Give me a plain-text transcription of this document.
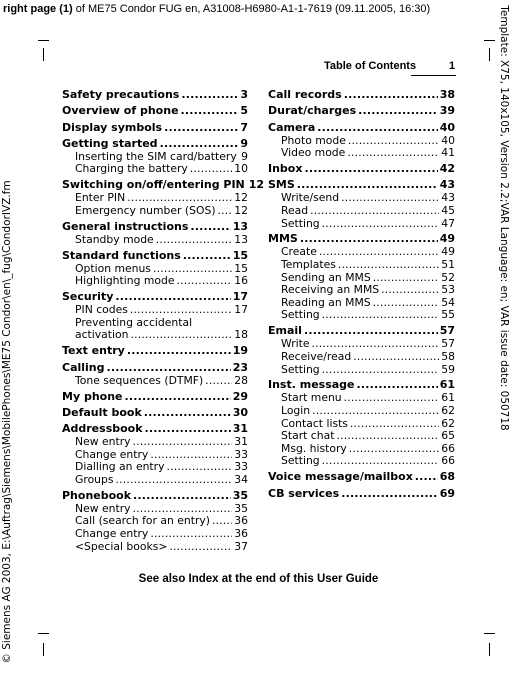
right page (1) of ME75 Condor FUG en, A31008-H6980-A1-1-7619 (09.11.2005, 16:30)
© Siemens AG 2003, E:\Auftrag\Siemens\MobilePhones\ME75 Condor\en\_fug\CondorIVZ.fm	Template: X75, 140x105, Version 2.2;VAR Language: en; VAR issue date: 050718
Table of Contents	1
Safety precautions .....	3
Overview of phone .....	5
Display symbols .....	7
Getting started .....	9
Inserting the SIM card/battery ..... 9
Charging the battery .....	10
Switching on/off/entering PIN 12
Enter PIN .....	12
Emergency number (SOS) ..... 12
General instructions .....	13
Standby mode .....	13
Standard functions .....	15
Option menus .....	15
Highlighting mode .....	16
Security .....	17
PIN codes .....	17
Preventing accidental
activation .....	18
Text entry .....	19
Calling .....	23
Tone sequences (DTMF) .....	28
My phone .....	29
Default book .....	30
Addressbook .....	31
New entry .....	31
Change entry .....	33
Dialling an entry .....	33
Groups .....	34
Phonebook .....	35
New entry .....	35
Call (search for an entry) ..... 36
Change entry .....	36
<Special books> .....	37
Call records .....	38
Durat/charges .....	39
Camera .....	40
Photo mode .....	40
Video mode .....	41
Inbox .....	42
SMS .....	43
Write/send .....	43
Read .....	45
Setting .....	47
MMS .....	49
Create .....	49
Templates .....	51
Sending an MMS .....	52
Receiving an MMS .....	53
Reading an MMS .....	54
Setting .....	55
Email .....	57
Write .....	57
Receive/read .....	58
Setting .....	59
Inst. message .....	61
Start menu .....	61
Login .....	62
Contact lists .....	62
Start chat .....	65
Msg. history .....	66
Setting .....	66
Voice message/mailbox ..... 68
CB services .....	69
See also Index at the end of this User Guide
